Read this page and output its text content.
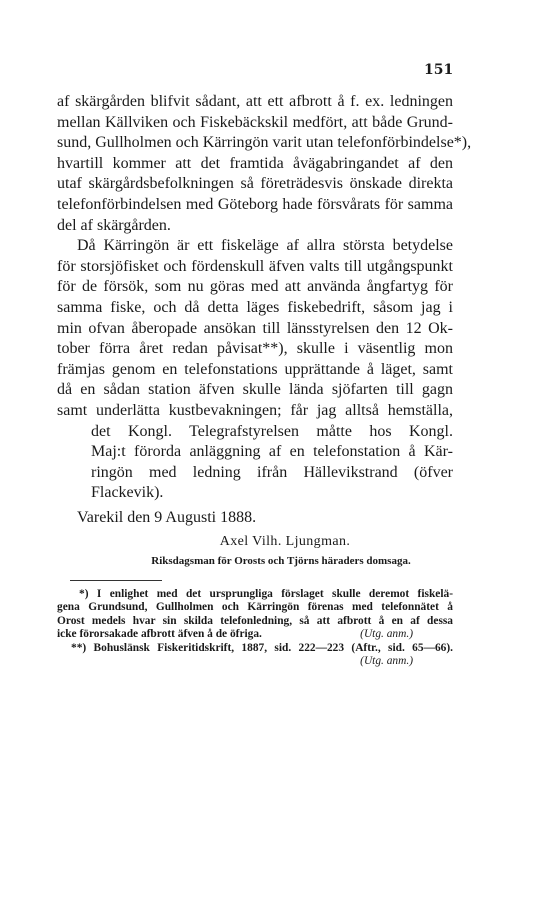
151
af skärgården blifvit sådant, att ett afbrott å f. ex. ledningen
mellan Källviken och Fiskebäckskil medfört, att både Grund-
sund, Gullholmen och Kärringön varit utan telefonförbindelse*),
hvartill kommer att det framtida åvägabringandet af den
utaf skärgårdsbefolkningen så företrädesvis önskade direkta
telefonförbindelsen med Göteborg hade försvårats för samma
del af skärgården.
Då Kärringön är ett fiskeläge af allra största betydelse
för storsjöfisket och fördenskull äfven valts till utgångspunkt
för de försök, som nu göras med att använda ångfartyg för
samma fiske, och då detta läges fiskebedrift, såsom jag i
min ofvan åberopade ansökan till länsstyrelsen den 12 Ok-
tober förra året redan påvisat**), skulle i väsentlig mon
främjas genom en telefonstations upprättande å läget, samt
då en sådan station äfven skulle lända sjöfarten till gagn
samt underlätta kustbevakningen; får jag alltså hemställa,
det Kongl. Telegrafstyrelsen måtte hos Kongl.
Maj:t förorda anläggning af en telefonstation å Kär-
ringön med ledning ifrån Hällevikstrand (öfver
Flackevik).
Varekil den 9 Augusti 1888.
Axel Vilh. Ljungman.
Riksdagsman för Orosts och Tjörns häraders domsaga.
*) I enlighet med det ursprungliga förslaget skulle deremot fiskelä-
gena Grundsund, Gullholmen och Kärringön förenas med telefonnätet å
Orost medels hvar sin skilda telefonledning, så att afbrott å en af dessa
icke förorsakade afbrott äfven å de öfriga.	(Utg. anm.)
**) Bohuslänsk Fiskeritidskrift, 1887, sid. 222—223 (Aftr., sid. 65—66).
(Utg. anm.)
